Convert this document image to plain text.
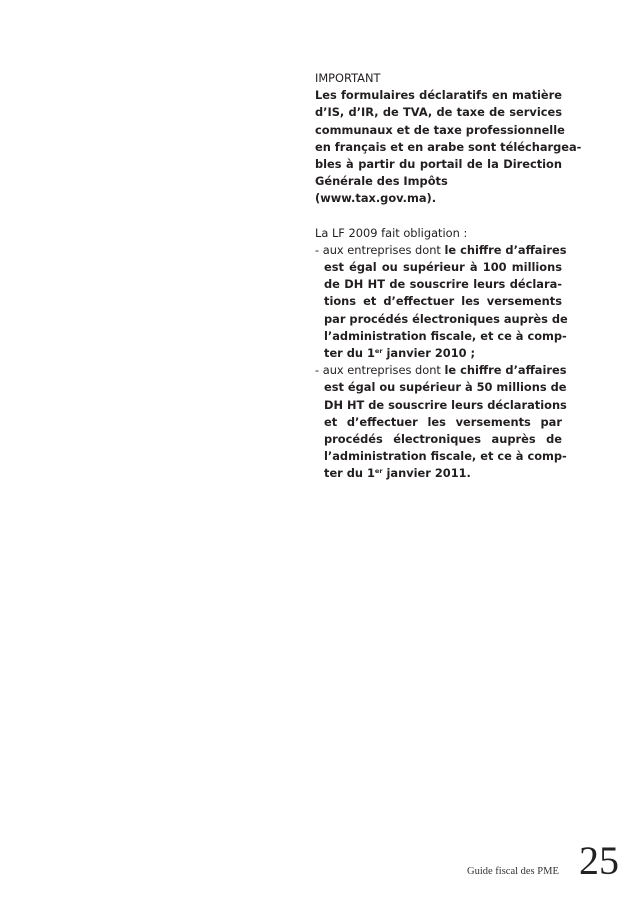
IMPORTANT
Les formulaires déclaratifs en matière
d’IS, d’IR, de TVA, de taxe de services
communaux et de taxe professionnelle
en français et en arabe sont téléchargea-
bles à partir du portail de la Direction
Générale des Impôts
(www.tax.gov.ma).
La LF 2009 fait obligation :
- aux entreprises dont le chiffre d’affaires
est égal ou supérieur à 100 millions
de DH HT de souscrire leurs déclara-
tions et d’effectuer les versements
par procédés électroniques auprès de
l’administration fiscale, et ce à comp-
ter du 1er janvier 2010 ;
- aux entreprises dont le chiffre d’affaires
est égal ou supérieur à 50 millions de
DH HT de souscrire leurs déclarations
et d’effectuer les versements par
procédés électroniques auprès de
l’administration fiscale, et ce à comp-
ter du 1er janvier 2011.
Guide fiscal des PME 25
